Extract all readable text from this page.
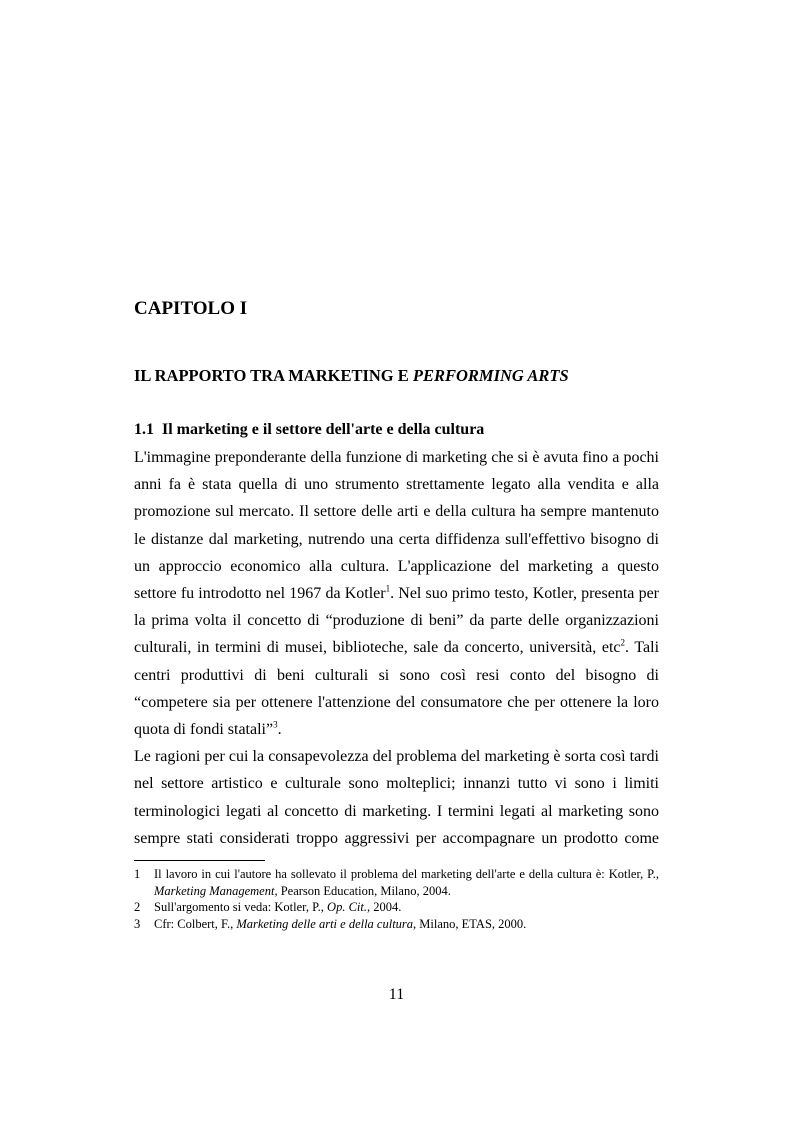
CAPITOLO I
IL RAPPORTO TRA MARKETING E PERFORMING ARTS
1.1 Il marketing e il settore dell'arte e della cultura

L'immagine preponderante della funzione di marketing che si è avuta fino a pochi anni fa è stata quella di uno strumento strettamente legato alla vendita e alla promozione sul mercato. Il settore delle arti e della cultura ha sempre mantenuto le distanze dal marketing, nutrendo una certa diffidenza sull'effettivo bisogno di un approccio economico alla cultura. L'applicazione del marketing a questo settore fu introdotto nel 1967 da Kotler$^1$. Nel suo primo testo, Kotler, presenta per la prima volta il concetto di “produzione di beni” da parte delle organizzazioni culturali, in termini di musei, biblioteche, sale da concerto, università, etc$^2$. Tali centri produttivi di beni culturali si sono così resi conto del bisogno di “competere sia per ottenere l'attenzione del consumatore che per ottenere la loro quota di fondi statali”$^3$.

Le ragioni per cui la consapevolezza del problema del marketing è sorta così tardi nel settore artistico e culturale sono molteplici; innanzi tutto vi sono i limiti terminologici legati al concetto di marketing. I termini legati al marketing sono sempre stati considerati troppo aggressivi per accompagnare un prodotto come

1 Il lavoro in cui l'autore ha sollevato il problema del marketing dell'arte e della cultura è: Kotler, P., Marketing Management, Pearson Education, Milano, 2004.
2 Sull'argomento si veda: Kotler, P., Op. Cit., 2004.
3 Cfr: Colbert, F., Marketing delle arti e della cultura, Milano, ETAS, 2000.

11
